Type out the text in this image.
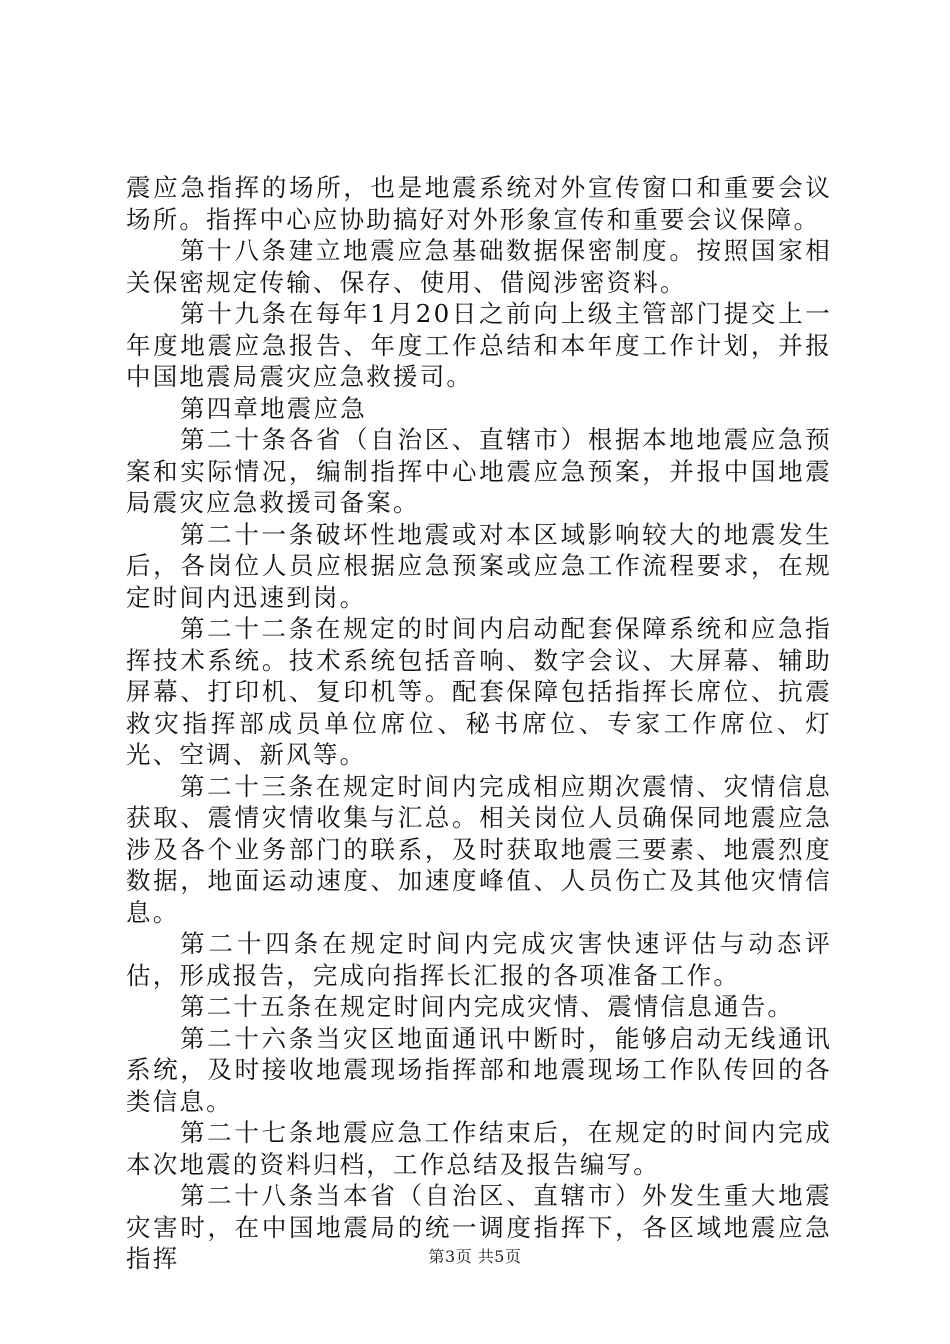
震应急指挥的场所，也是地震系统对外宣传窗口和重要会议场所。指挥中心应协助搞好对外形象宣传和重要会议保障。

第十八条建立地震应急基础数据保密制度。按照国家相关保密规定传输、保存、使用、借阅涉密资料。

第十九条在每年1月20日之前向上级主管部门提交上一年度地震应急报告、年度工作总结和本年度工作计划，并报中国地震局震灾应急救援司。

第四章地震应急

第二十条各省（自治区、直辖市）根据本地地震应急预案和实际情况，编制指挥中心地震应急预案，并报中国地震局震灾应急救援司备案。

第二十一条破坏性地震或对本区域影响较大的地震发生后，各岗位人员应根据应急预案或应急工作流程要求，在规定时间内迅速到岗。

第二十二条在规定的时间内启动配套保障系统和应急指挥技术系统。技术系统包括音响、数字会议、大屏幕、辅助屏幕、打印机、复印机等。配套保障包括指挥长席位、抗震救灾指挥部成员单位席位、秘书席位、专家工作席位、灯光、空调、新风等。

第二十三条在规定时间内完成相应期次震情、灾情信息获取、震情灾情收集与汇总。相关岗位人员确保同地震应急涉及各个业务部门的联系，及时获取地震三要素、地震烈度数据，地面运动速度、加速度峰值、人员伤亡及其他灾情信息。

第二十四条在规定时间内完成灾害快速评估与动态评估，形成报告，完成向指挥长汇报的各项准备工作。

第二十五条在规定时间内完成灾情、震情信息通告。

第二十六条当灾区地面通讯中断时，能够启动无线通讯系统，及时接收地震现场指挥部和地震现场工作队传回的各类信息。

第二十七条地震应急工作结束后，在规定的时间内完成本次地震的资料归档，工作总结及报告编写。

第二十八条当本省（自治区、直辖市）外发生重大地震灾害时，在中国地震局的统一调度指挥下，各区域地震应急指挥	第3页 共5页
